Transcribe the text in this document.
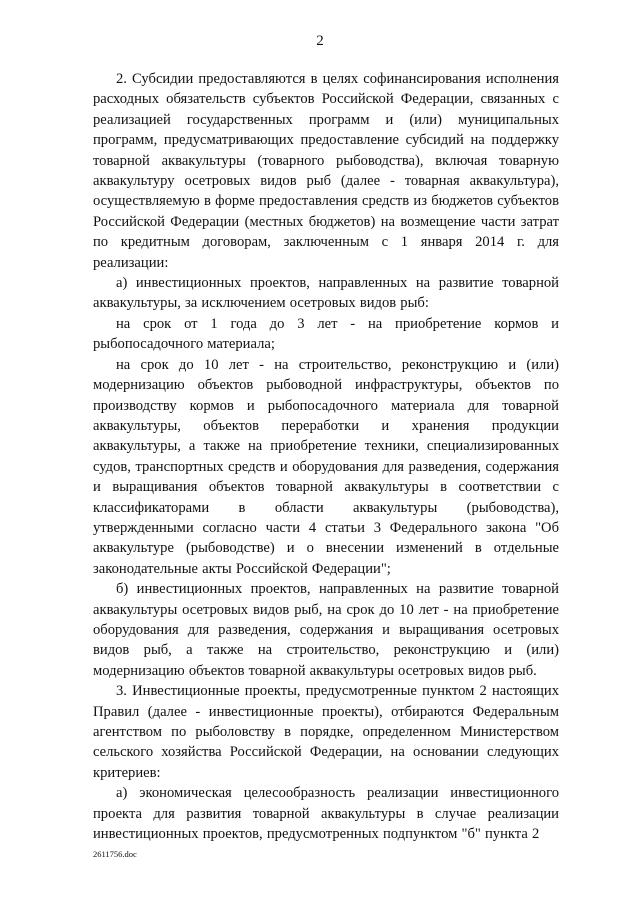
2

2. Субсидии предоставляются в целях софинансирования исполнения расходных обязательств субъектов Российской Федерации, связанных с реализацией государственных программ и (или) муниципальных программ, предусматривающих предоставление субсидий на поддержку товарной аквакультуры (товарного рыбоводства), включая товарную аквакультуру осетровых видов рыб (далее - товарная аквакультура), осуществляемую в форме предоставления средств из бюджетов субъектов Российской Федерации (местных бюджетов) на возмещение части затрат по кредитным договорам, заключенным с 1 января 2014 г. для реализации:

а) инвестиционных проектов, направленных на развитие товарной аквакультуры, за исключением осетровых видов рыб:

на срок от 1 года до 3 лет - на приобретение кормов и рыбопосадочного материала;

на срок до 10 лет - на строительство, реконструкцию и (или) модернизацию объектов рыбоводной инфраструктуры, объектов по производству кормов и рыбопосадочного материала для товарной аквакультуры, объектов переработки и хранения продукции аквакультуры, а также на приобретение техники, специализированных судов, транспортных средств и оборудования для разведения, содержания и выращивания объектов товарной аквакультуры в соответствии с классификаторами в области аквакультуры (рыбоводства), утвержденными согласно части 4 статьи 3 Федерального закона "Об аквакультуре (рыбоводстве) и о внесении изменений в отдельные законодательные акты Российской Федерации";

б) инвестиционных проектов, направленных на развитие товарной аквакультуры осетровых видов рыб, на срок до 10 лет - на приобретение оборудования для разведения, содержания и выращивания осетровых видов рыб, а также на строительство, реконструкцию и (или) модернизацию объектов товарной аквакультуры осетровых видов рыб.

3. Инвестиционные проекты, предусмотренные пунктом 2 настоящих Правил (далее - инвестиционные проекты), отбираются Федеральным агентством по рыболовству в порядке, определенном Министерством сельского хозяйства Российской Федерации, на основании следующих критериев:

а) экономическая целесообразность реализации инвестиционного проекта для развития товарной аквакультуры в случае реализации инвестиционных проектов, предусмотренных подпунктом "б" пункта 2

2611756.doc
